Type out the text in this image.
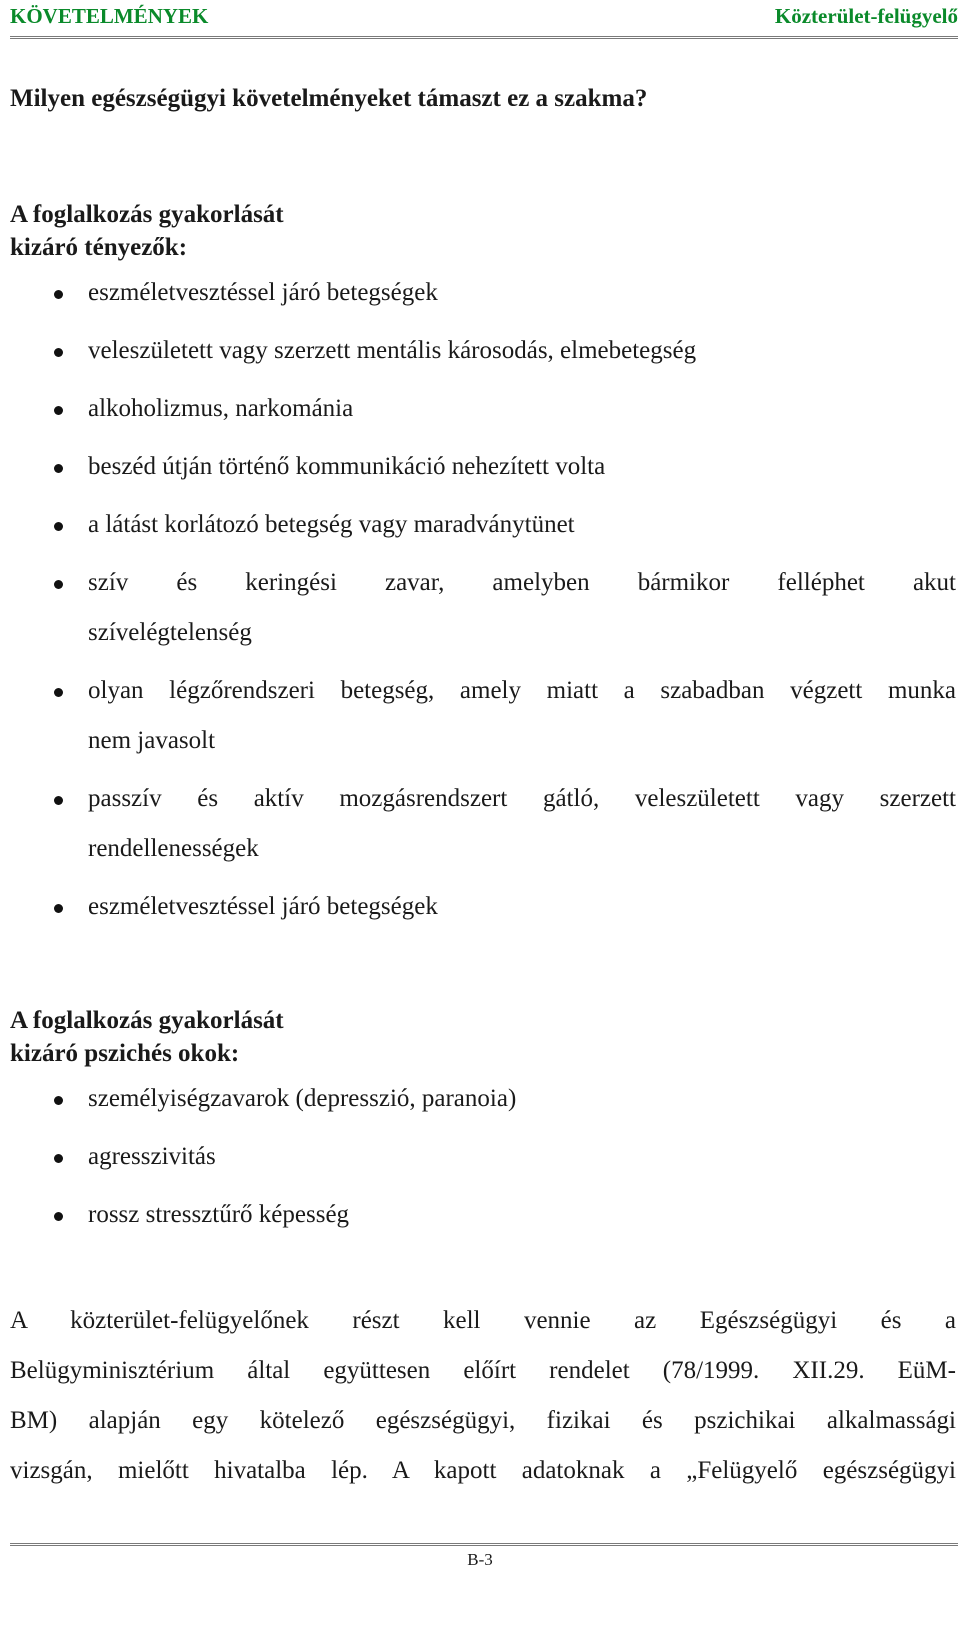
KÖVETELMÉNYEK	Közterület-felügyelő
Milyen egészségügyi követelményeket támaszt ez a szakma?
A foglalkozás gyakorlását
kizáró tényezők:
eszméletvesztéssel járó betegségek
veleszületett vagy szerzett mentális károsodás, elmebetegség
alkoholizmus, narkománia
beszéd útján történő kommunikáció nehezített volta
a látást korlátozó betegség vagy maradványtünet
szív és keringési zavar, amelyben bármikor felléphet akut
szívelégtelenség
olyan légzőrendszeri betegség, amely miatt a szabadban végzett munka
nem javasolt
passzív és aktív mozgásrendszert gátló, veleszületett vagy szerzett
rendellenességek
eszméletvesztéssel járó betegségek
A foglalkozás gyakorlását
kizáró pszichés okok:
személyiségzavarok (depresszió, paranoia)
agresszivitás
rossz stressztűrő képesség
A közterület-felügyelőnek részt kell vennie az Egészségügyi és a
Belügyminisztérium által együttesen előírt rendelet (78/1999. XII.29. EüM-
BM) alapján egy kötelező egészségügyi, fizikai és pszichikai alkalmassági
vizsgán, mielőtt hivatalba lép. A kapott adatoknak a „Felügyelő egészségügyi
B-3
